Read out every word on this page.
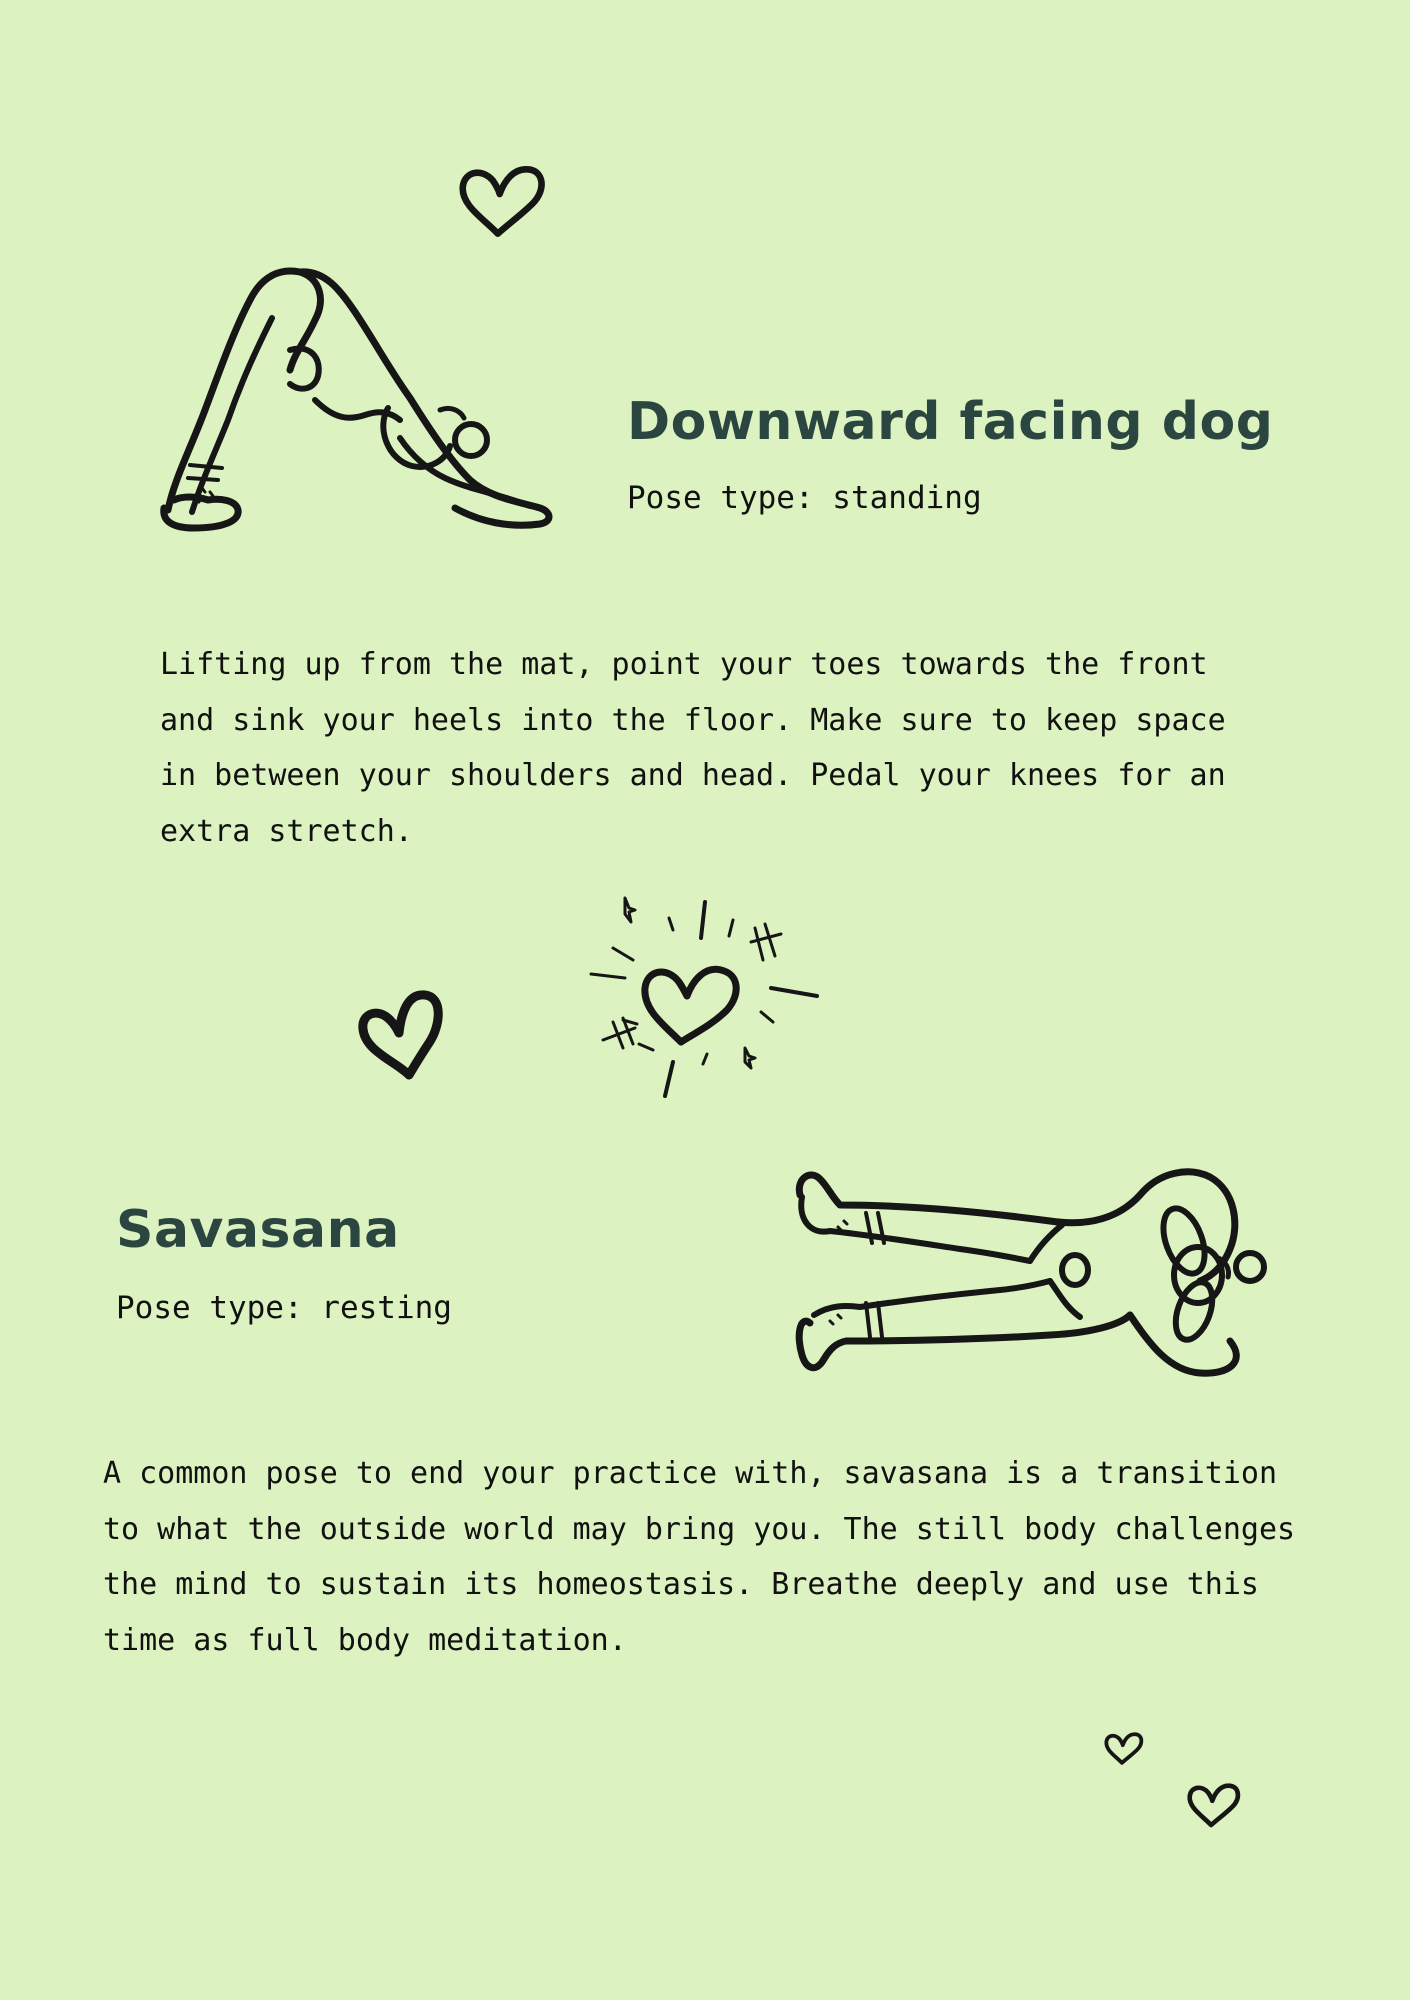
Downward facing dog

Pose type: standing

Lifting up from the mat, point your toes towards the front and sink your heels into the floor. Make sure to keep space in between your shoulders and head. Pedal your knees for an extra stretch.

Savasana

Pose type: resting

A common pose to end your practice with, savasana is a transition to what the outside world may bring you. The still body challenges the mind to sustain its homeostasis. Breathe deeply and use this time as full body meditation.
